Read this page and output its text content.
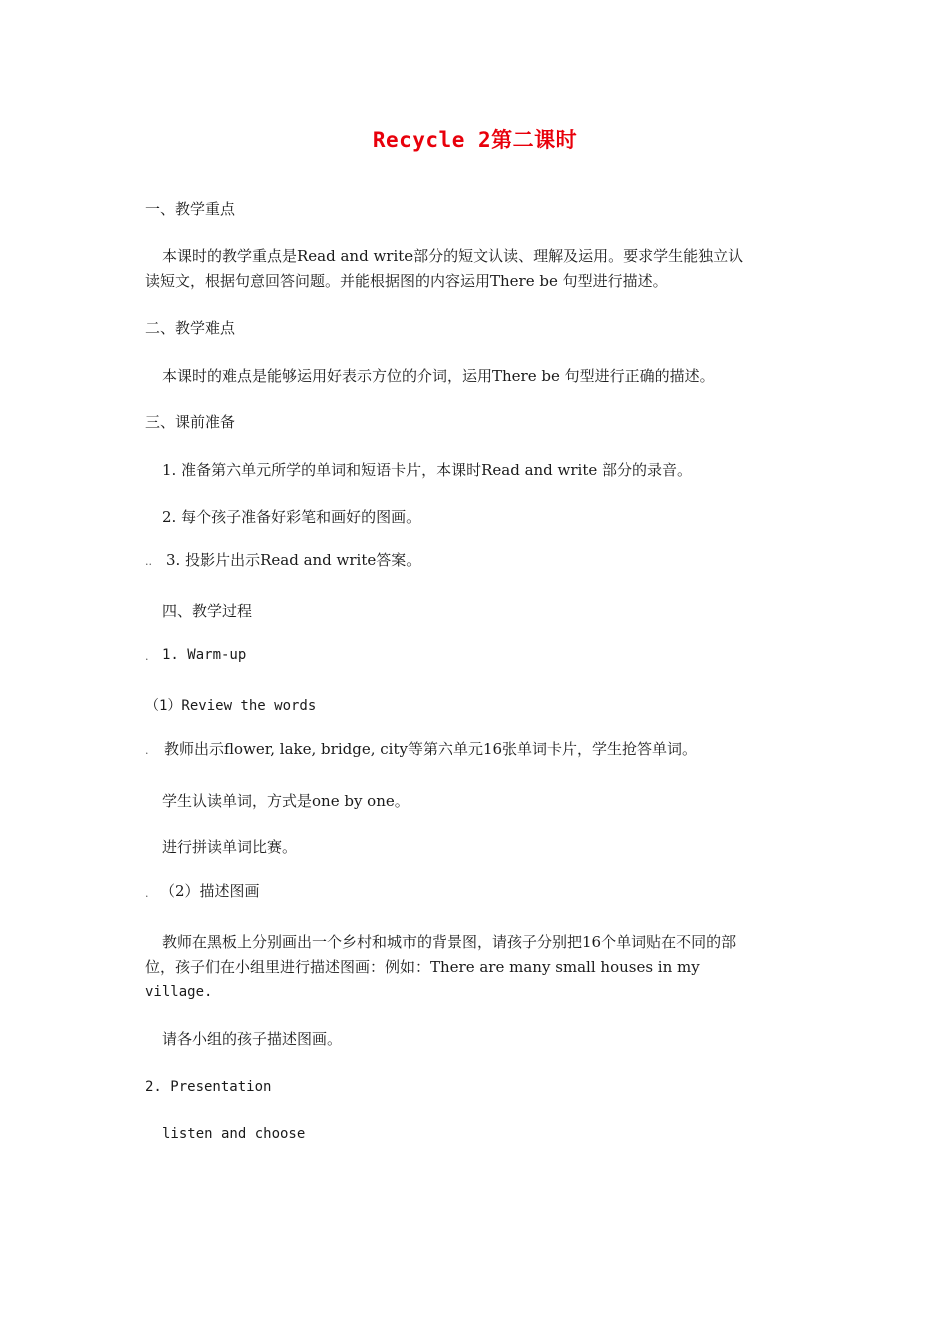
Recycle 2第二课时
一、教学重点
本课时的教学重点是Read and write部分的短文认读、理解及运用。要求学生能独立认
读短文，根据句意回答问题。并能根据图的内容运用There be 句型进行描述。
二、教学难点
本课时的难点是能够运用好表示方位的介词，运用There be 句型进行正确的描述。
三、课前准备
1. 准备第六单元所学的单词和短语卡片，本课时Read and write 部分的录音。
2. 每个孩子准备好彩笔和画好的图画。
.. 3. 投影片出示Read and write答案。
四、教学过程
. 1. Warm-up
（1）Review the words
. 教师出示flower, lake, bridge, city等第六单元16张单词卡片，学生抢答单词。
学生认读单词，方式是one by one。
进行拼读单词比赛。
. （2）描述图画
教师在黑板上分别画出一个乡村和城市的背景图，请孩子分别把16个单词贴在不同的部
位，孩子们在小组里进行描述图画：例如：There are many small houses in my
village.
请各小组的孩子描述图画。
2. Presentation
listen and choose
